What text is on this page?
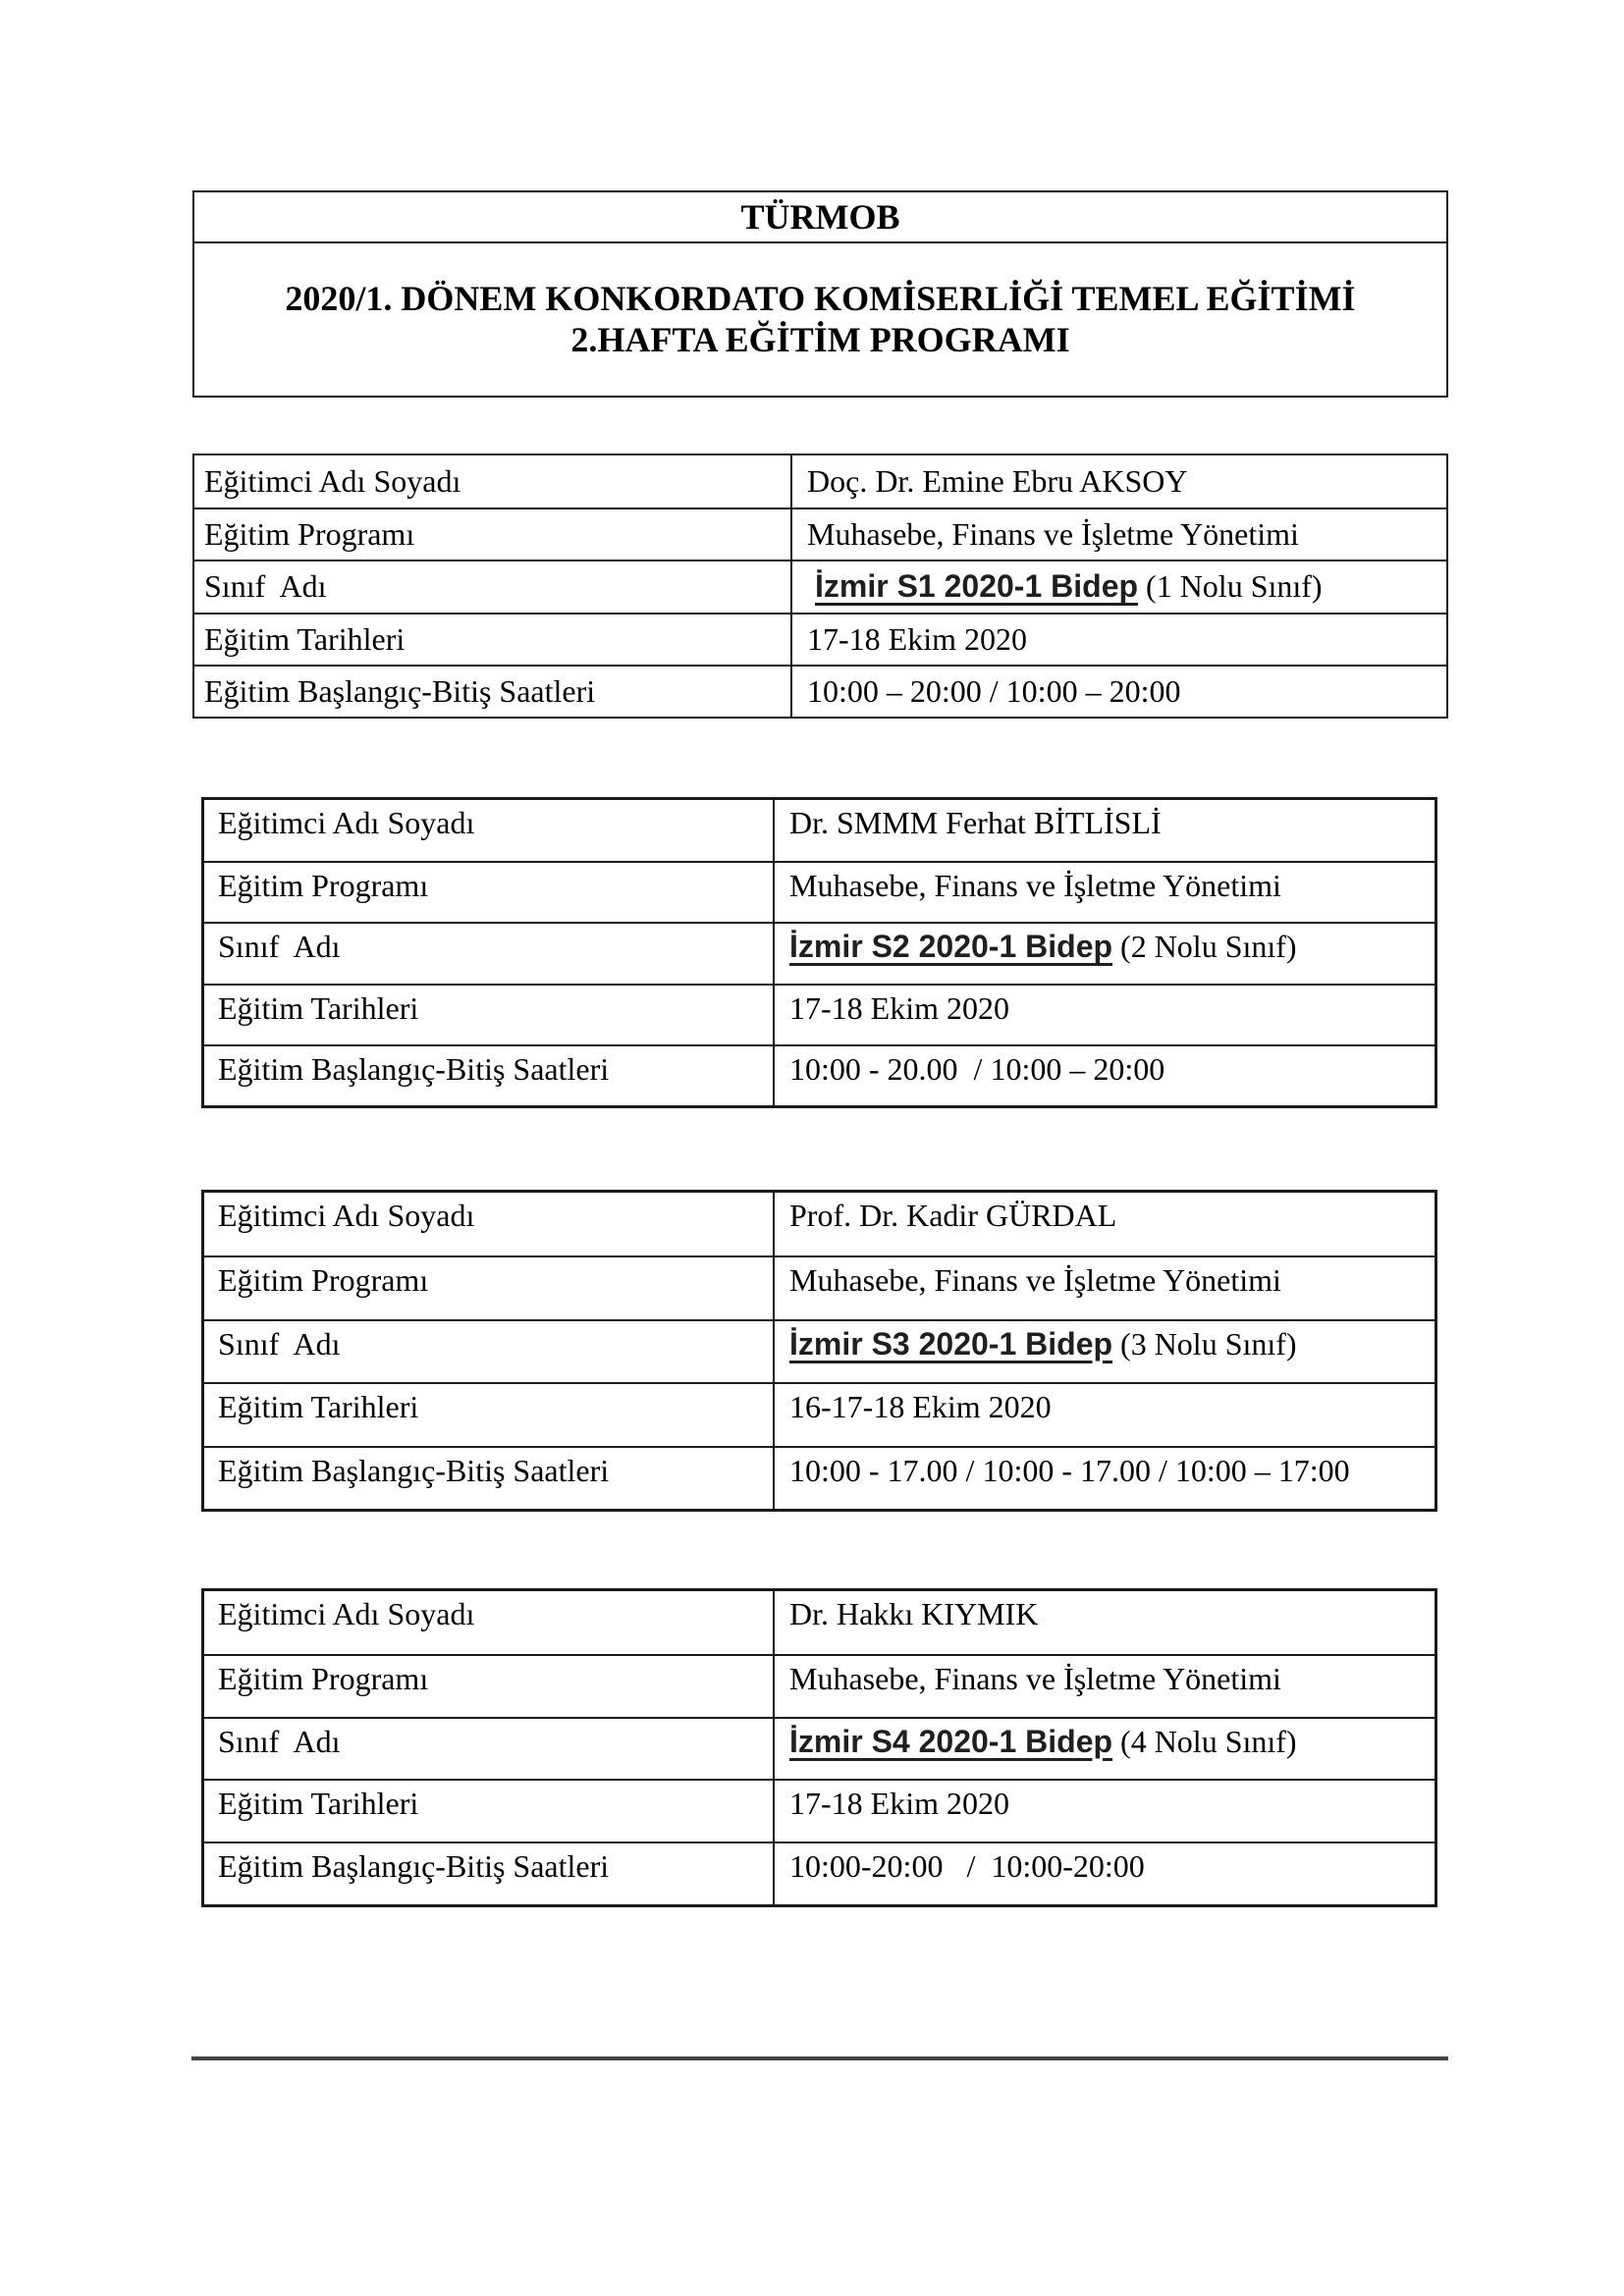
TÜRMOB
2020/1. DÖNEM KONKORDATO KOMİSERLİĞİ TEMEL EĞİTİMİ
2.HAFTA EĞİTİM PROGRAMI
Eğitimci Adı Soyadı	Doç. Dr. Emine Ebru AKSOY
Eğitim Programı	Muhasebe, Finans ve İşletme Yönetimi
Sınıf  Adı	İzmir S1 2020-1 Bidep (1 Nolu Sınıf)
Eğitim Tarihleri	17-18 Ekim 2020
Eğitim Başlangıç-Bitiş Saatleri	10:00 – 20:00 / 10:00 – 20:00
Eğitimci Adı Soyadı	Dr. SMMM Ferhat BİTLİSLİ
Eğitim Programı	Muhasebe, Finans ve İşletme Yönetimi
Sınıf  Adı	İzmir S2 2020-1 Bidep (2 Nolu Sınıf)
Eğitim Tarihleri	17-18 Ekim 2020
Eğitim Başlangıç-Bitiş Saatleri	10:00 - 20.00  / 10:00 – 20:00
Eğitimci Adı Soyadı	Prof. Dr. Kadir GÜRDAL
Eğitim Programı	Muhasebe, Finans ve İşletme Yönetimi
Sınıf  Adı	İzmir S3 2020-1 Bidep (3 Nolu Sınıf)
Eğitim Tarihleri	16-17-18 Ekim 2020
Eğitim Başlangıç-Bitiş Saatleri	10:00 - 17.00 / 10:00 - 17.00 / 10:00 – 17:00
Eğitimci Adı Soyadı	Dr. Hakkı KIYMIK
Eğitim Programı	Muhasebe, Finans ve İşletme Yönetimi
Sınıf  Adı	İzmir S4 2020-1 Bidep (4 Nolu Sınıf)
Eğitim Tarihleri	17-18 Ekim 2020
Eğitim Başlangıç-Bitiş Saatleri	10:00-20:00   /  10:00-20:00
